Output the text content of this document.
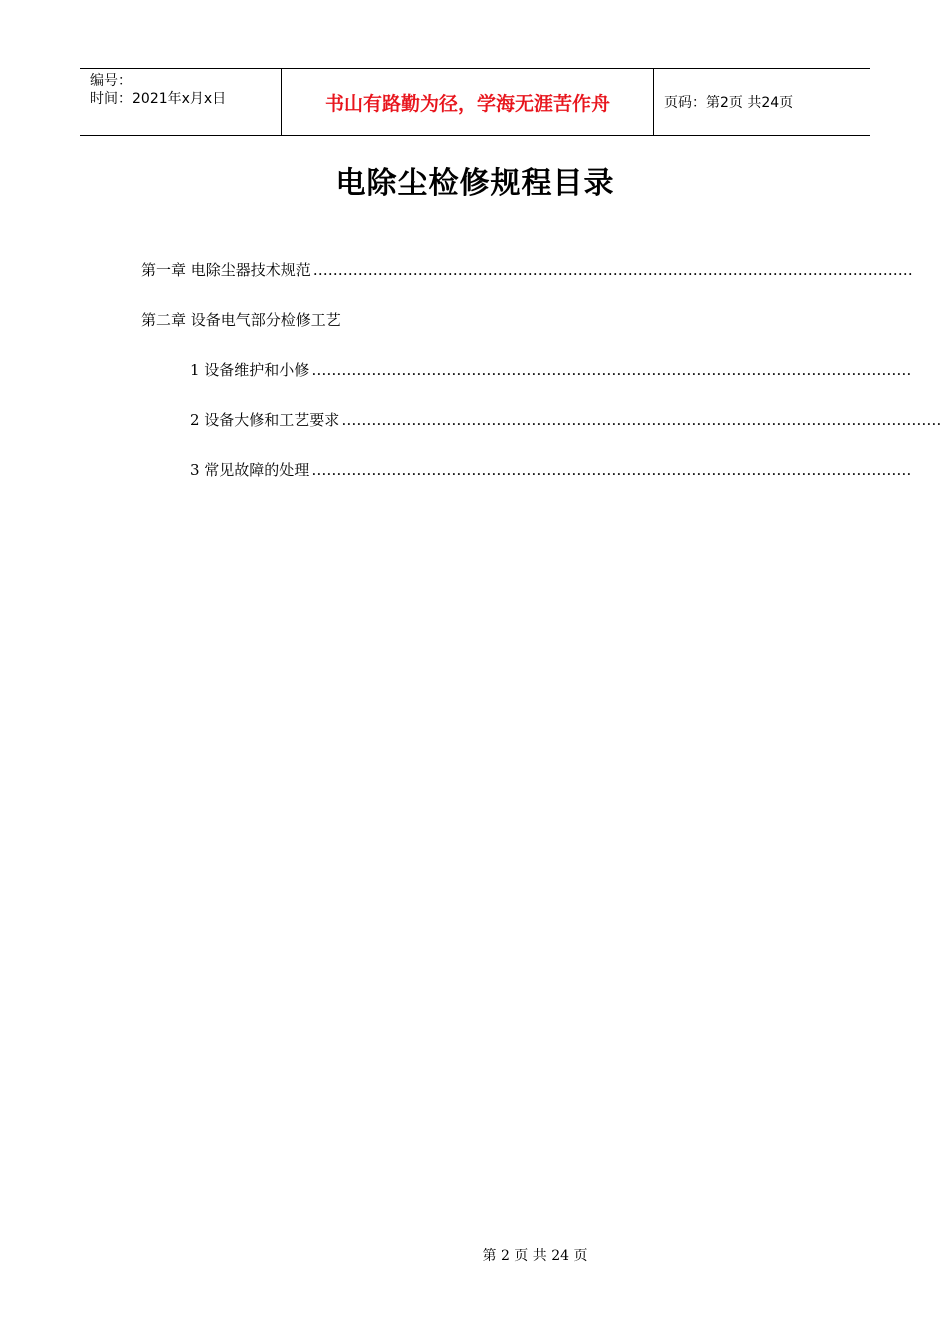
编号：
时间：2021年x月x日	书山有路勤为径，学海无涯苦作舟	页码：第2页 共24页
电除尘检修规程目录
第一章 电除尘器技术规范 …………………………………………………………………………………………………………
第二章 设备电气部分检修工艺
1 设备维护和小修 …………………………………………………………………………………………………………
2 设备大修和工艺要求 …………………………………………………………………………………………………………
3 常见故障的处理 …………………………………………………………………………………………………………
第 2 页 共 24 页
